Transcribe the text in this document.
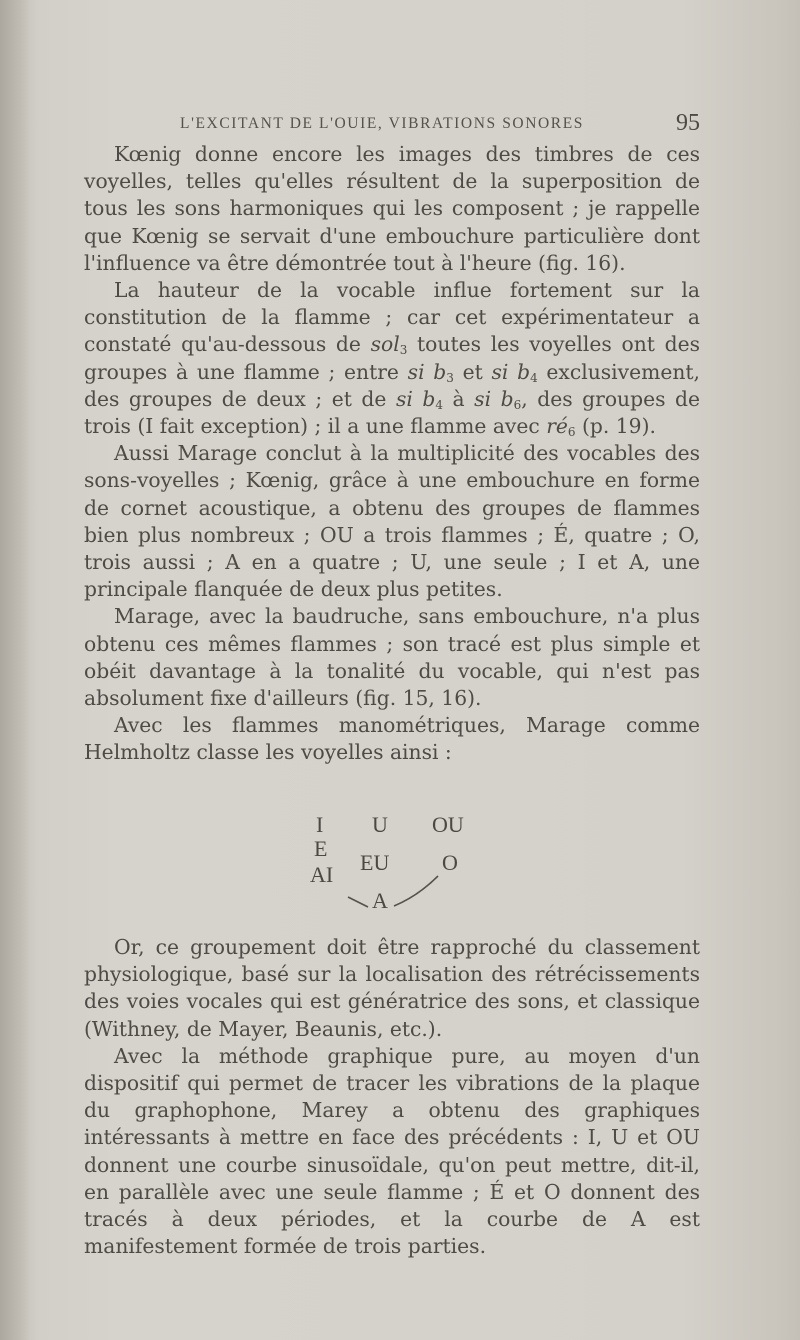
L'EXCITANT DE L'OUIE, VIBRATIONS SONORES	95

Kœnig donne encore les images des timbres de ces voyelles, telles qu'elles résultent de la superposition de tous les sons harmoniques qui les composent ; je rappelle que Kœnig se servait d'une embouchure particulière dont l'influence va être démontrée tout à l'heure (fig. 16).

La hauteur de la vocable influe fortement sur la constitution de la flamme ; car cet expérimentateur a constaté qu'au-dessous de sol$_3$ toutes les voyelles ont des groupes à une flamme ; entre si $b_3$ et si $b_4$ exclusivement, des groupes de deux ; et de si $b_4$ à si $b_6$, des groupes de trois (I fait exception) ; il a une flamme avec $ré_6$ (p. 19).

Aussi Marage conclut à la multiplicité des vocables des sons-voyelles ; Kœnig, grâce à une embouchure en forme de cornet acoustique, a obtenu des groupes de flammes bien plus nombreux ; OU a trois flammes ; É, quatre ; O, trois aussi ; A en a quatre ; U, une seule ; I et A, une principale flanquée de deux plus petites.

Marage, avec la baudruche, sans embouchure, n'a plus obtenu ces mêmes flammes ; son tracé est plus simple et obéit davantage à la tonalité du vocable, qui n'est pas absolument fixe d'ailleurs (fig. 15, 16).

Avec les flammes manométriques, Marage comme Helmholtz classe les voyelles ainsi :

I U OU
E
EU O
AI
A

Or, ce groupement doit être rapproché du classement physiologique, basé sur la localisation des rétrécissements des voies vocales qui est génératrice des sons, et classique (Withney, de Mayer, Beaunis, etc.).

Avec la méthode graphique pure, au moyen d'un dispositif qui permet de tracer les vibrations de la plaque du graphophone, Marey a obtenu des graphiques intéressants à mettre en face des précédents : I, U et OU donnent une courbe sinusoïdale, qu'on peut mettre, dit-il, en parallèle avec une seule flamme ; É et O donnent des tracés à deux périodes, et la courbe de A est manifestement formée de trois parties.
